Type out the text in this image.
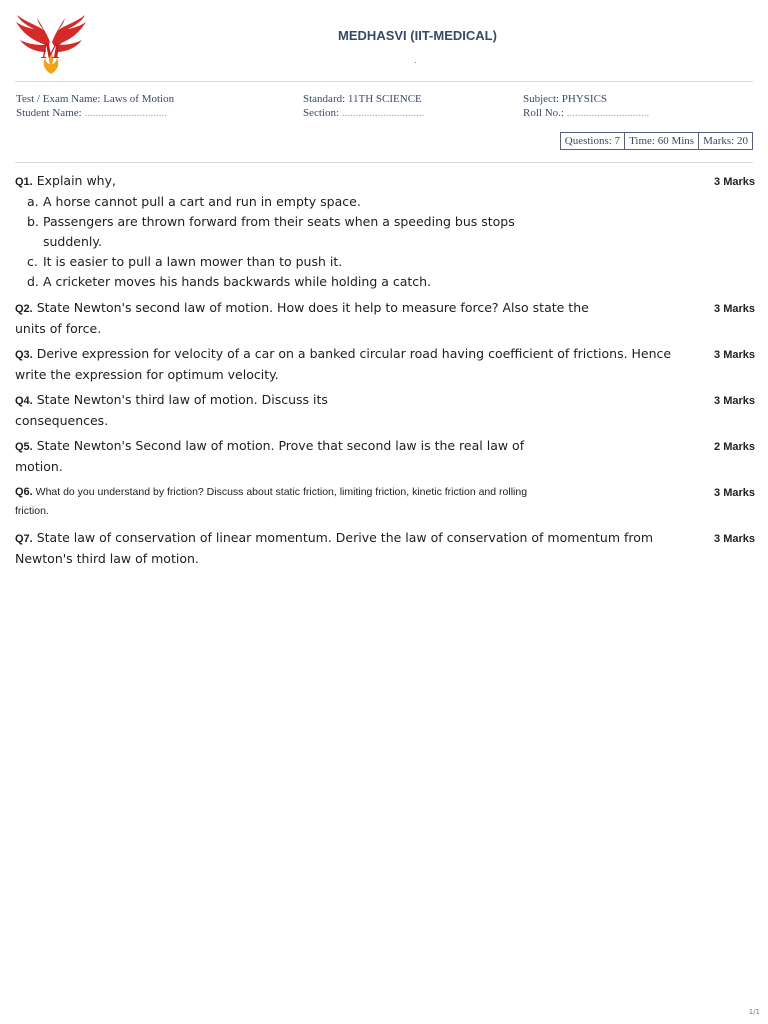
M
MEDHASVI (IIT-MEDICAL)
.
Test / Exam Name: Laws of Motion
Student Name: ..............................
Standard: 11TH SCIENCE
Section: ..............................
Subject: PHYSICS
Roll No.: ..............................
Questions: 7 Time: 60 Mins Marks: 20
Q1. Explain why,
a. A horse cannot pull a cart and run in empty space.
b. Passengers are thrown forward from their seats when a speeding bus stops suddenly.
c. It is easier to pull a lawn mower than to push it.
d. A cricketer moves his hands backwards while holding a catch.
3 Marks
Q2. State Newton's second law of motion. How does it help to measure force? Also state the units of force.
3 Marks
Q3. Derive expression for velocity of a car on a banked circular road having coefficient of frictions. Hence write the expression for optimum velocity.
3 Marks
Q4. State Newton's third law of motion. Discuss its consequences.
3 Marks
Q5. State Newton's Second law of motion. Prove that second law is the real law of motion.
2 Marks
Q6. What do you understand by friction? Discuss about static friction, limiting friction, kinetic friction and rolling friction.
3 Marks
Q7. State law of conservation of linear momentum. Derive the law of conservation of momentum from Newton's third law of motion.
3 Marks
1/1
